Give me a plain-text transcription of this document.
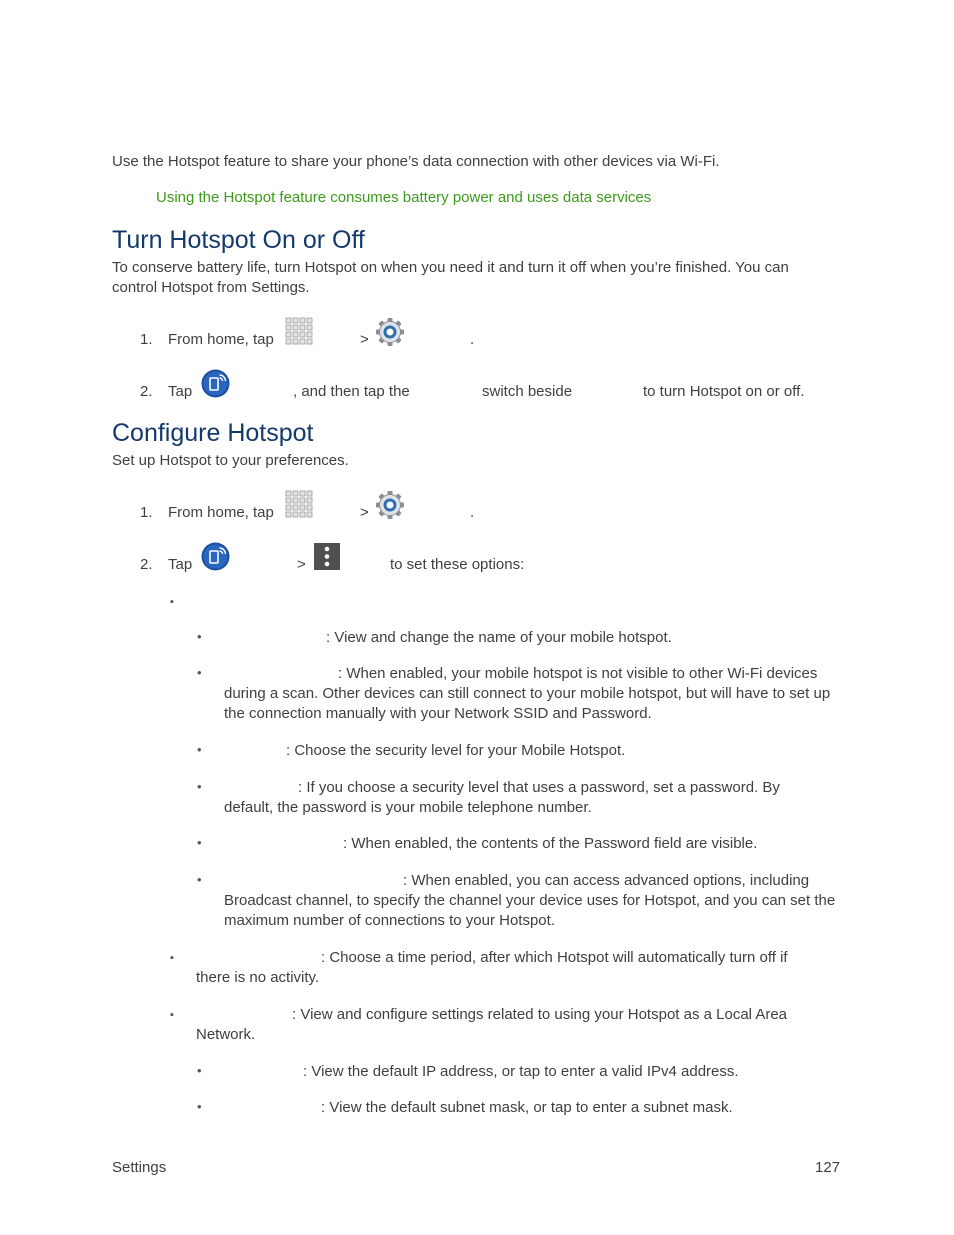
Use the Hotspot feature to share your phone’s data connection with other devices via Wi-Fi.
Using the Hotspot feature consumes battery power and uses data services
Turn Hotspot On or Off
To conserve battery life, turn Hotspot on when you need it and turn it off when you’re finished. You can control Hotspot from Settings.
1. From home, tap	>	.
2. Tap	, and then tap the	switch beside	to turn Hotspot on or off.
Configure Hotspot
Set up Hotspot to your preferences.
1. From home, tap	>	.
2. Tap	>	to set these options:
▪
•	: View and change the name of your mobile hotspot.
•	: When enabled, your mobile hotspot is not visible to other Wi-Fi devices during a scan. Other devices can still connect to your mobile hotspot, but will have to set up the connection manually with your Network SSID and Password.
•	: Choose the security level for your Mobile Hotspot.
•	: If you choose a security level that uses a password, set a password. By default, the password is your mobile telephone number.
•	: When enabled, the contents of the Password field are visible.
•	: When enabled, you can access advanced options, including Broadcast channel, to specify the channel your device uses for Hotspot, and you can set the maximum number of connections to your Hotspot.
▪	: Choose a time period, after which Hotspot will automatically turn off if there is no activity.
▪	: View and configure settings related to using your Hotspot as a Local Area Network.
•	: View the default IP address, or tap to enter a valid IPv4 address.
•	: View the default subnet mask, or tap to enter a subnet mask.
Settings	127
